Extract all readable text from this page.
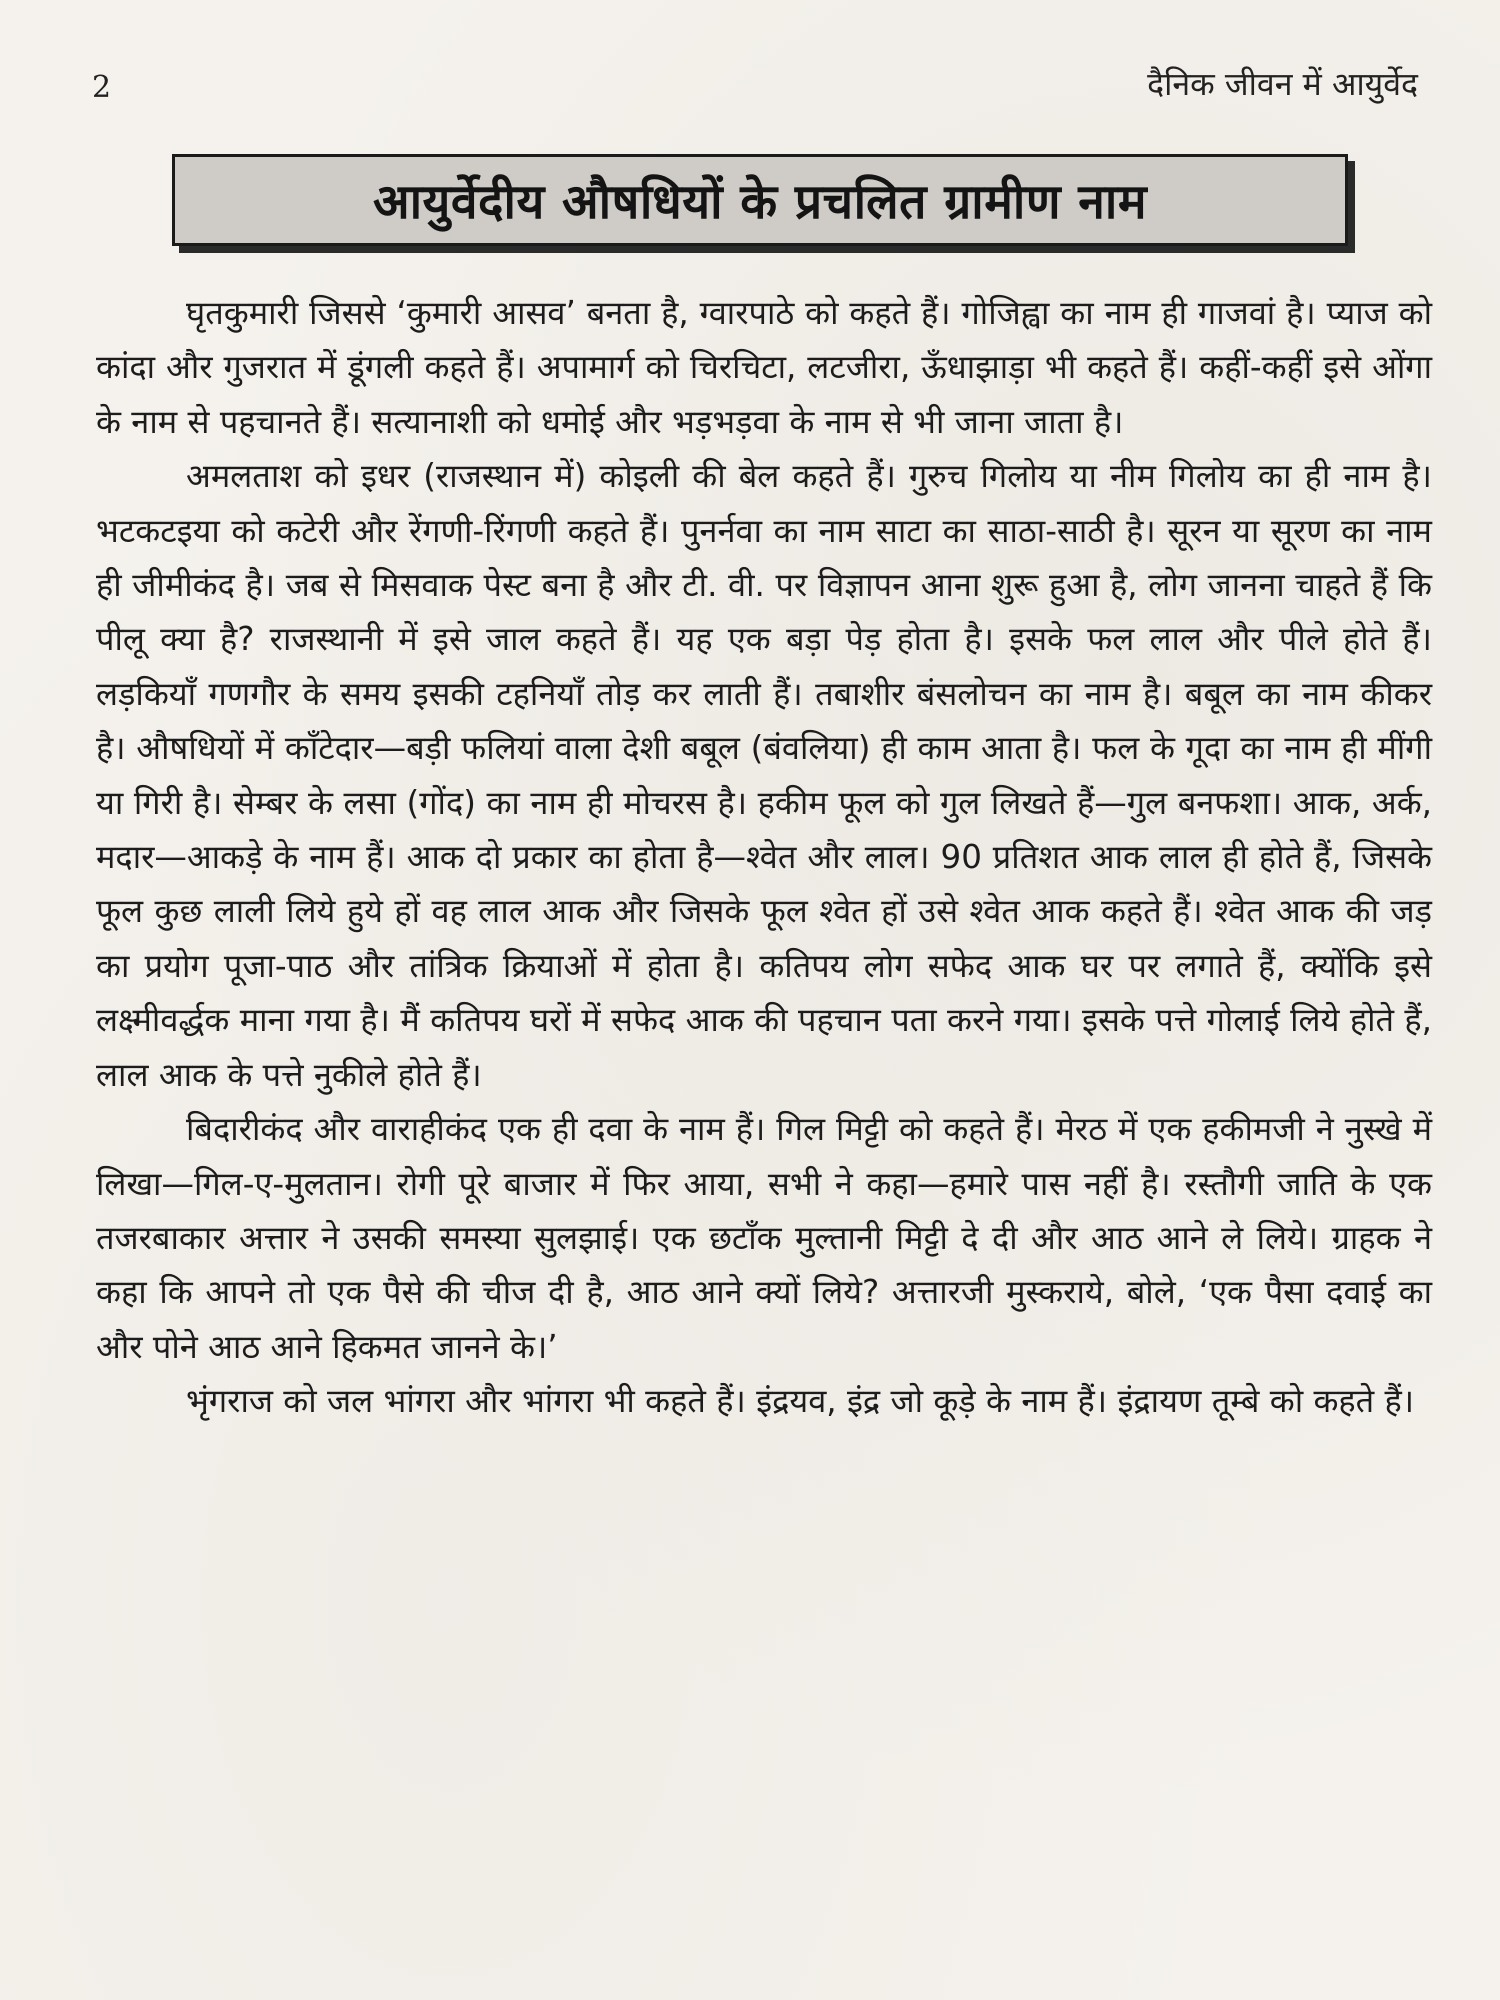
2	दैनिक जीवन में आयुर्वेद
आयुर्वेदीय औषधियों के प्रचलित ग्रामीण नाम

घृतकुमारी जिससे ‘कुमारी आसव’ बनता है, ग्वारपाठे को कहते हैं। गोजिह्वा का नाम ही गाजवां है। प्याज को कांदा और गुजरात में डूंगली कहते हैं। अपामार्ग को चिरचिटा, लटजीरा, ऊँधाझाड़ा भी कहते हैं। कहीं-कहीं इसे ओंगा के नाम से पहचानते हैं। सत्यानाशी को धमोई और भड़भड़वा के नाम से भी जाना जाता है।

अमलताश को इधर (राजस्थान में) कोइली की बेल कहते हैं। गुरुच गिलोय या नीम गिलोय का ही नाम है। भटकटइया को कटेरी और रेंगणी-रिंगणी कहते हैं। पुनर्नवा का नाम साटा का साठा-साठी है। सूरन या सूरण का नाम ही जीमीकंद है। जब से मिसवाक पेस्ट बना है और टी. वी. पर विज्ञापन आना शुरू हुआ है, लोग जानना चाहते हैं कि पीलू क्या है? राजस्थानी में इसे जाल कहते हैं। यह एक बड़ा पेड़ होता है। इसके फल लाल और पीले होते हैं। लड़कियाँ गणगौर के समय इसकी टहनियाँ तोड़ कर लाती हैं। तबाशीर बंसलोचन का नाम है। बबूल का नाम कीकर है। औषधियों में काँटेदार—बड़ी फलियां वाला देशी बबूल (बंवलिया) ही काम आता है। फल के गूदा का नाम ही मींगी या गिरी है। सेम्बर के लसा (गोंद) का नाम ही मोचरस है। हकीम फूल को गुल लिखते हैं—गुल बनफशा। आक, अर्क, मदार—आकड़े के नाम हैं। आक दो प्रकार का होता है—श्वेत और लाल। 90 प्रतिशत आक लाल ही होते हैं, जिसके फूल कुछ लाली लिये हुये हों वह लाल आक और जिसके फूल श्वेत हों उसे श्वेत आक कहते हैं। श्वेत आक की जड़ का प्रयोग पूजा-पाठ और तांत्रिक क्रियाओं में होता है। कतिपय लोग सफेद आक घर पर लगाते हैं, क्योंकि इसे लक्ष्मीवर्द्धक माना गया है। मैं कतिपय घरों में सफेद आक की पहचान पता करने गया। इसके पत्ते गोलाई लिये होते हैं, लाल आक के पत्ते नुकीले होते हैं।

बिदारीकंद और वाराहीकंद एक ही दवा के नाम हैं। गिल मिट्टी को कहते हैं। मेरठ में एक हकीमजी ने नुस्खे में लिखा—गिल-ए-मुलतान। रोगी पूरे बाजार में फिर आया, सभी ने कहा—हमारे पास नहीं है। रस्तौगी जाति के एक तजरबाकार अत्तार ने उसकी समस्या सुलझाई। एक छटाँक मुल्तानी मिट्टी दे दी और आठ आने ले लिये। ग्राहक ने कहा कि आपने तो एक पैसे की चीज दी है, आठ आने क्यों लिये? अत्तारजी मुस्कराये, बोले, ‘एक पैसा दवाई का और पोने आठ आने हिकमत जानने के।’

भृंगराज को जल भांगरा और भांगरा भी कहते हैं। इंद्रयव, इंद्र जो कूड़े के नाम हैं। इंद्रायण तूम्बे को कहते हैं।
